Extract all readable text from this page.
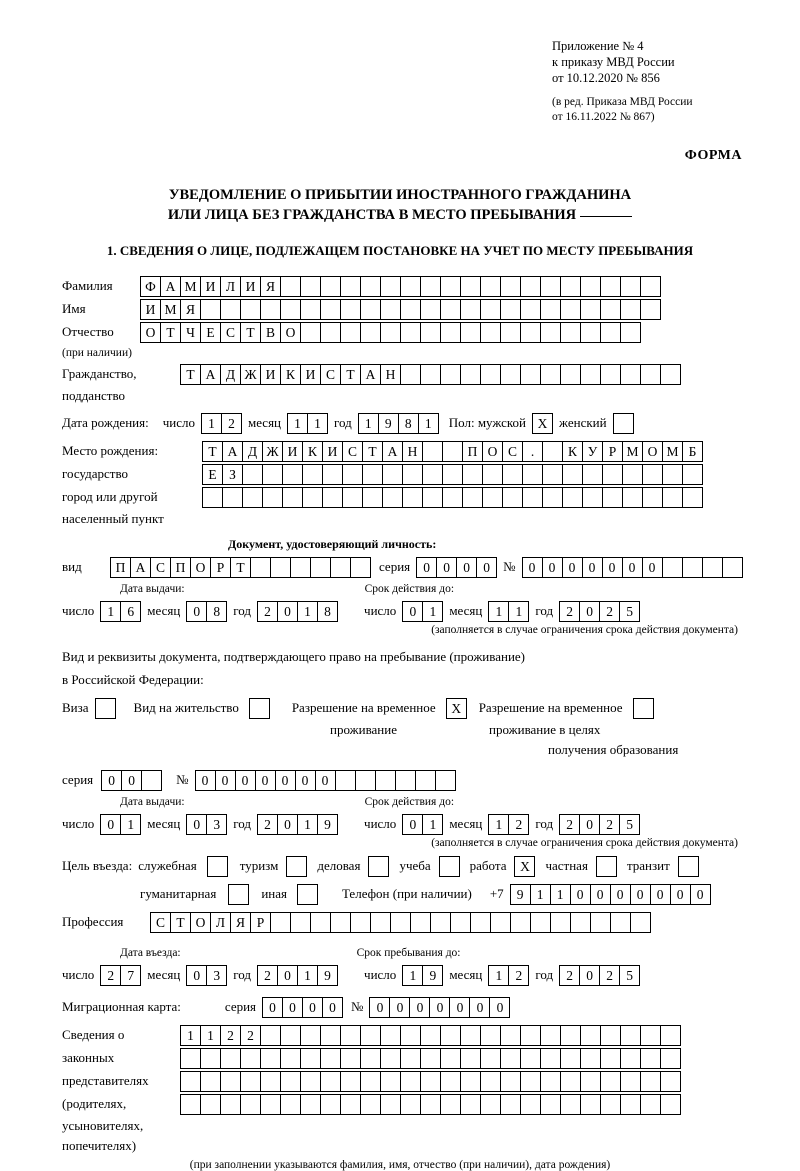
Приложение № 4
к приказу МВД России
от 10.12.2020 № 856
(в ред. Приказа МВД России
от 16.11.2022 № 867)
ФОРМА
УВЕДОМЛЕНИЕ О ПРИБЫТИИ ИНОСТРАННОГО ГРАЖДАНИНА
ИЛИ ЛИЦА БЕЗ ГРАЖДАНСТВА В МЕСТО ПРЕБЫВАНИЯ
1. СВЕДЕНИЯ О ЛИЦЕ, ПОДЛЕЖАЩЕМ ПОСТАНОВКЕ НА УЧЕТ ПО МЕСТУ ПРЕБЫВАНИЯ
Фамилия	Ф А М И Л И Я
Имя	И М Я
Отчество	О Т Ч Е С Т В О
(при наличии)
Гражданство,	Т А Д Ж И К И С Т А Н
подданство
Дата рождения: число 1 2	месяц 1 1	год 1 9 8 1	Пол: мужской X женский
Место рождения:	Т А Д Ж И К И С Т А Н	П О С	.	К У Р М О М Б
государство	Е З
город или другой
населенный пункт
Документ, удостоверяющий личность:
вид	П А С П О Р Т	серия 0 0 0 0	№ 0 0 0 0 0 0 0
Дата выдачи:	Срок действия до:
число 1 6	месяц 0 8	год 2 0 1 8	число 0 1	месяц 1 1	год 2 0 2 5
(заполняется в случае ограничения срока действия документа)
Вид и реквизиты документа, подтверждающего право на пребывание (проживание)
в Российской Федерации:
Виза	Вид на жительство	Разрешение на временное	X	Разрешение на временное
проживание	проживание в целях
получения образования
серия	0 0	№ 0 0 0 0 0 0 0
Дата выдачи:	Срок действия до:
число 0 1	месяц 0 3	год 2 0 1 9	число 0 1	месяц 1 2	год 2 0 2 5
(заполняется в случае ограничения срока действия документа)
Цель въезда: служебная	туризм	деловая	учеба	работа	X	частная	транзит
гуманитарная	иная	Телефон (при наличии) +7 9 1 1 0 0 0 0 0 0 0
Профессия	С Т О Л Я Р
Дата въезда:	Срок пребывания до:
число 2 7	месяц 0 3	год 2 0 1 9	число 1 9	месяц 1 2	год 2 0 2 5
Миграционная карта:	серия 0 0 0 0	№ 0 0 0 0 0 0 0
Сведения о	1 1 2 2
законных
представителях
(родителях,
усыновителях,
попечителях)
(при заполнении указываются фамилия, имя, отчество (при наличии), дата рождения)
